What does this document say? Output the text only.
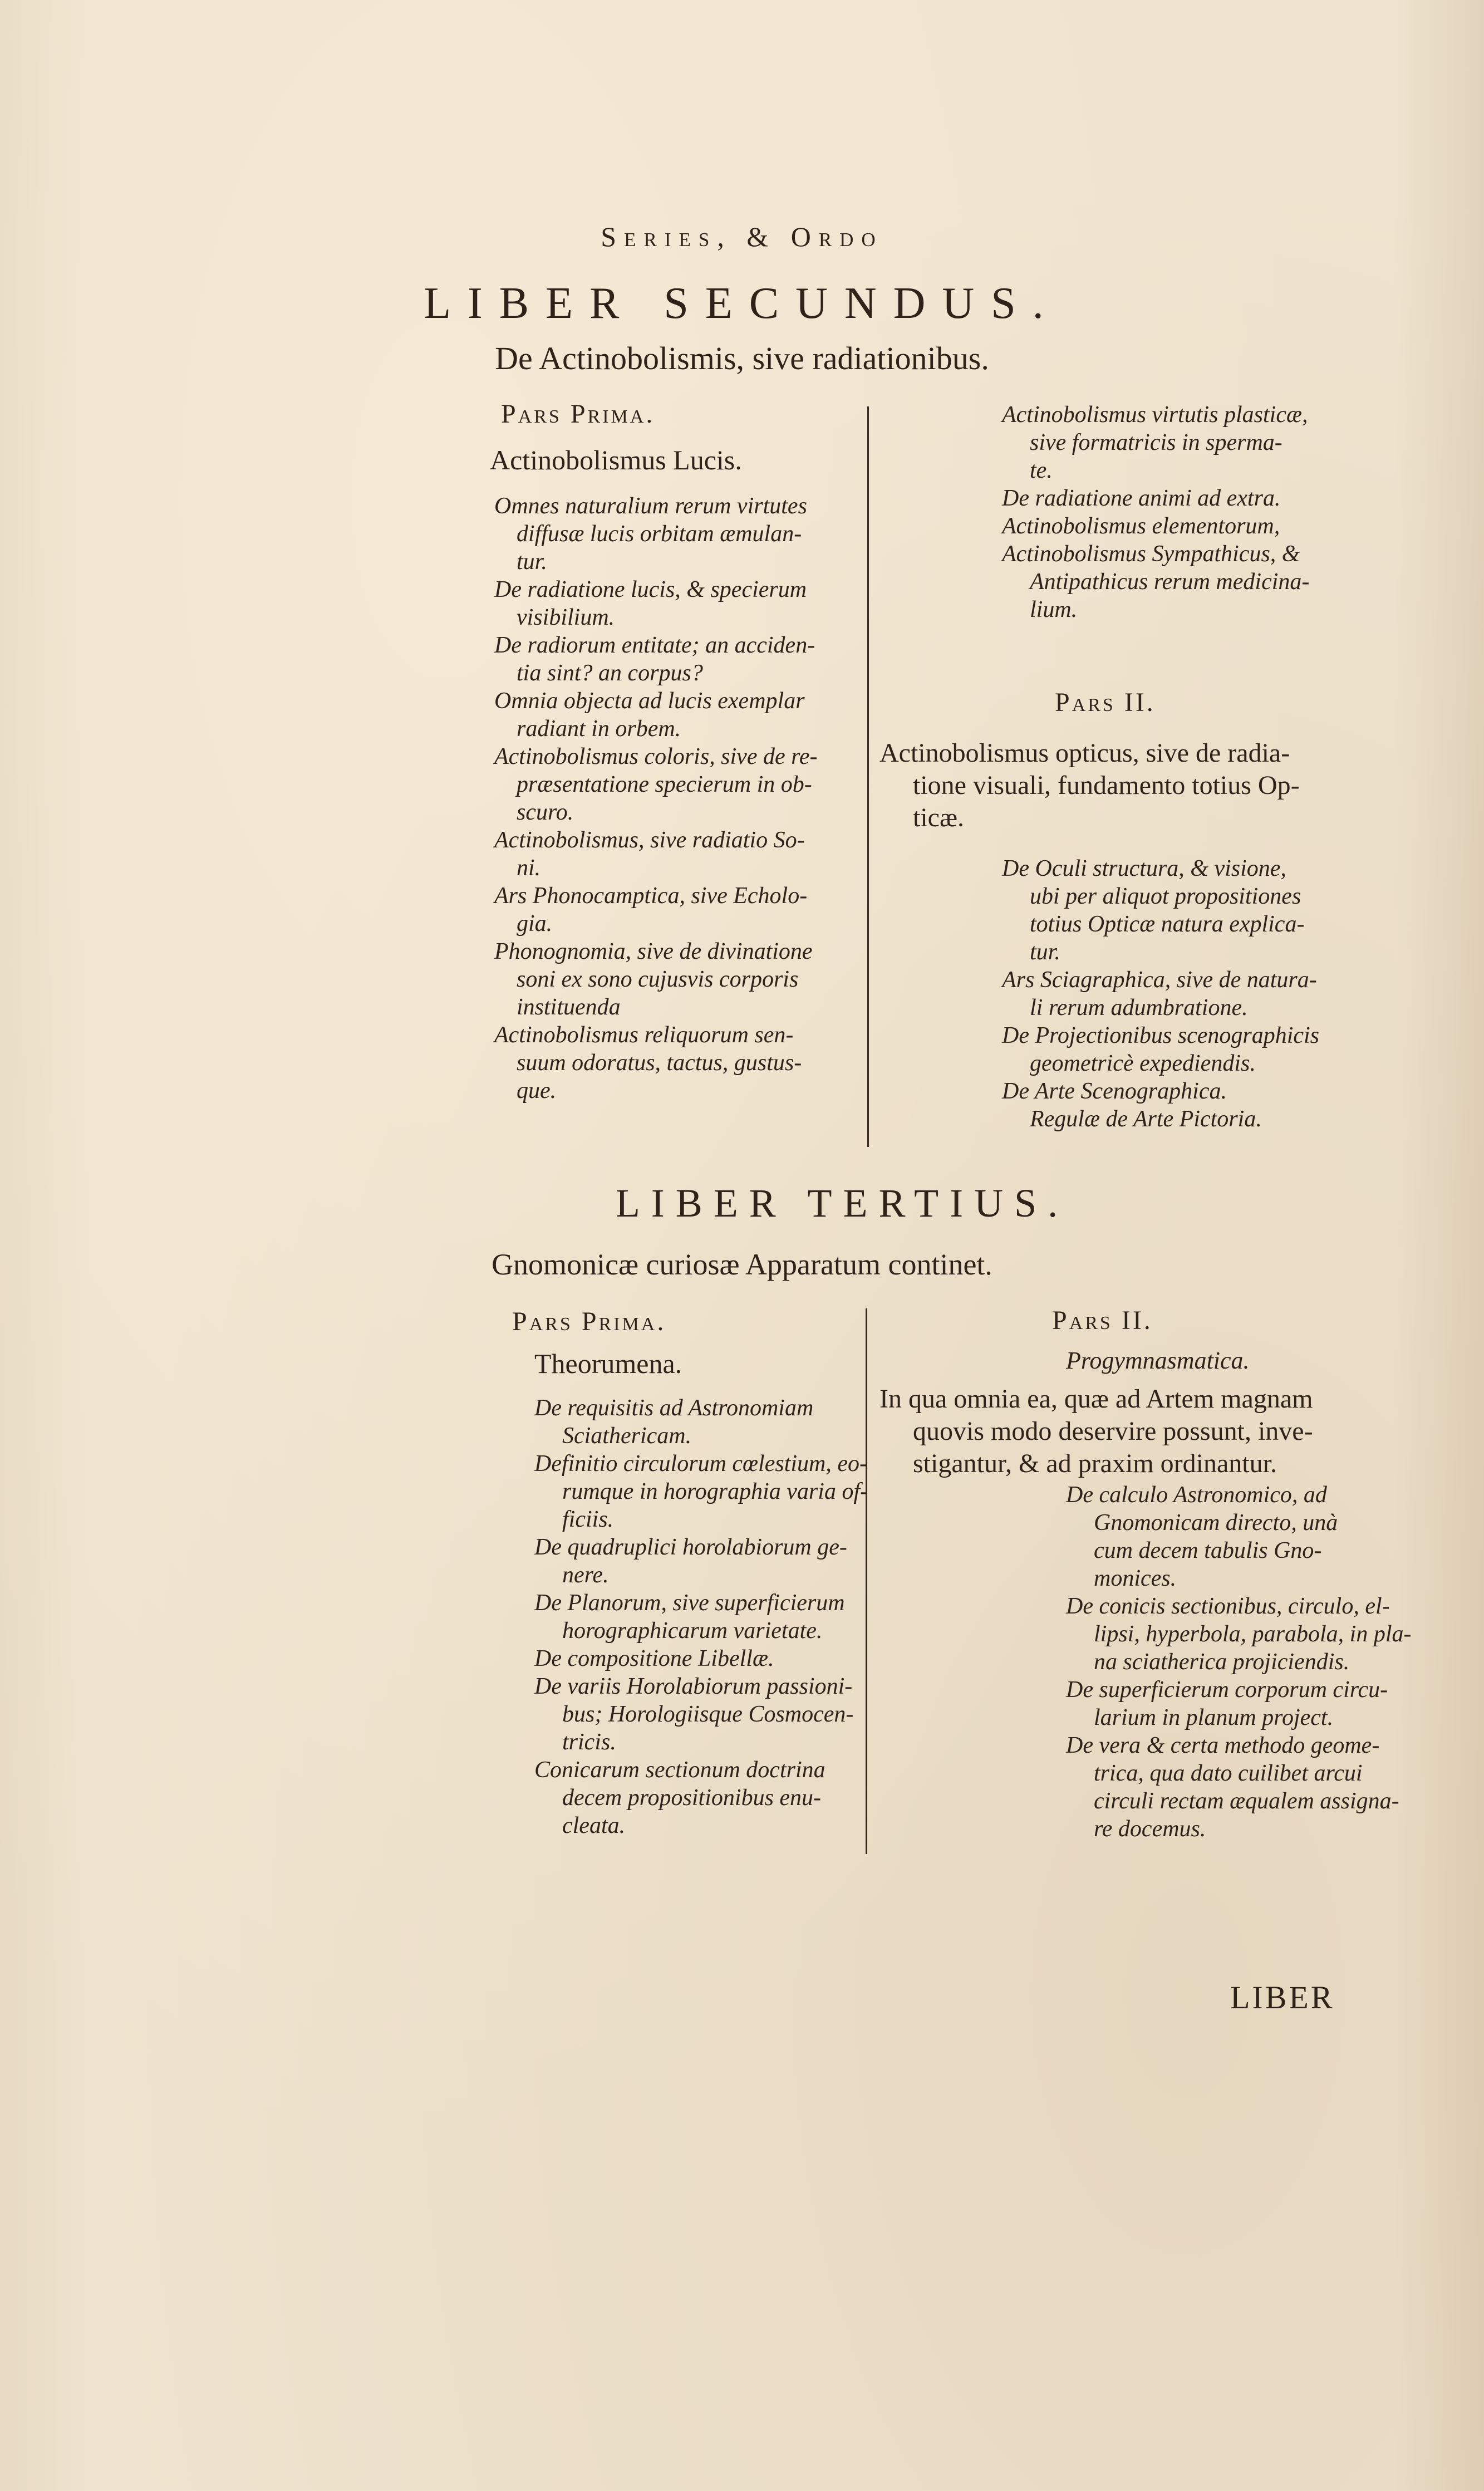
Series, & Ordo
LIBER SECUNDUS.
De Actinobolismis, sive radiationibus.
Pars Prima.
Actinobolismus Lucis.
Omnes naturalium rerum virtutes
diffusæ lucis orbitam æmulan-
tur.
De radiatione lucis, & specierum
visibilium.
De radiorum entitate; an acciden-
tia sint? an corpus?
Omnia objecta ad lucis exemplar
radiant in orbem.
Actinobolismus coloris, sive de re-
præsentatione specierum in ob-
scuro.
Actinobolismus, sive radiatio So-
ni.
Ars Phonocamptica, sive Echolo-
gia.
Phonognomia, sive de divinatione
soni ex sono cujusvis corporis
instituenda
Actinobolismus reliquorum sen-
suum odoratus, tactus, gustus-
que.
Actinobolismus virtutis plasticæ,
sive formatricis in sperma-
te.
De radiatione animi ad extra.
Actinobolismus elementorum,
Actinobolismus Sympathicus, &
Antipathicus rerum medicina-
lium.
Pars II.
Actinobolismus opticus, sive de radia-
tione visuali, fundamento totius Op-
ticæ.
De Oculi structura, & visione,
ubi per aliquot propositiones
totius Opticæ natura explica-
tur.
Ars Sciagraphica, sive de natura-
li rerum adumbratione.
De Projectionibus scenographicis
geometricè expediendis.
De Arte Scenographica.
Regulæ de Arte Pictoria.
LIBER TERTIUS.
Gnomonicæ curiosæ Apparatum continet.
Pars Prima.
Theorumena.
De requisitis ad Astronomiam
Sciathericam.
Definitio circulorum cœlestium, eo-
rumque in horographia varia of-
ficiis.
De quadruplici horolabiorum ge-
nere.
De Planorum, sive superficierum
horographicarum varietate.
De compositione Libellæ.
De variis Horolabiorum passioni-
bus; Horologiisque Cosmocen-
tricis.
Conicarum sectionum doctrina
decem propositionibus enu-
cleata.
Pars II.
Progymnasmatica.
In qua omnia ea, quæ ad Artem magnam
quovis modo deservire possunt, inve-
stigantur, & ad praxim ordinantur.
De calculo Astronomico, ad
Gnomonicam directo, unà
cum decem tabulis Gno-
monices.
De conicis sectionibus, circulo, el-
lipsi, hyperbola, parabola, in pla-
na sciatherica projiciendis.
De superficierum corporum circu-
larium in planum project.
De vera & certa methodo geome-
trica, qua dato cuilibet arcui
circuli rectam æqualem assigna-
re docemus.
LIBER
